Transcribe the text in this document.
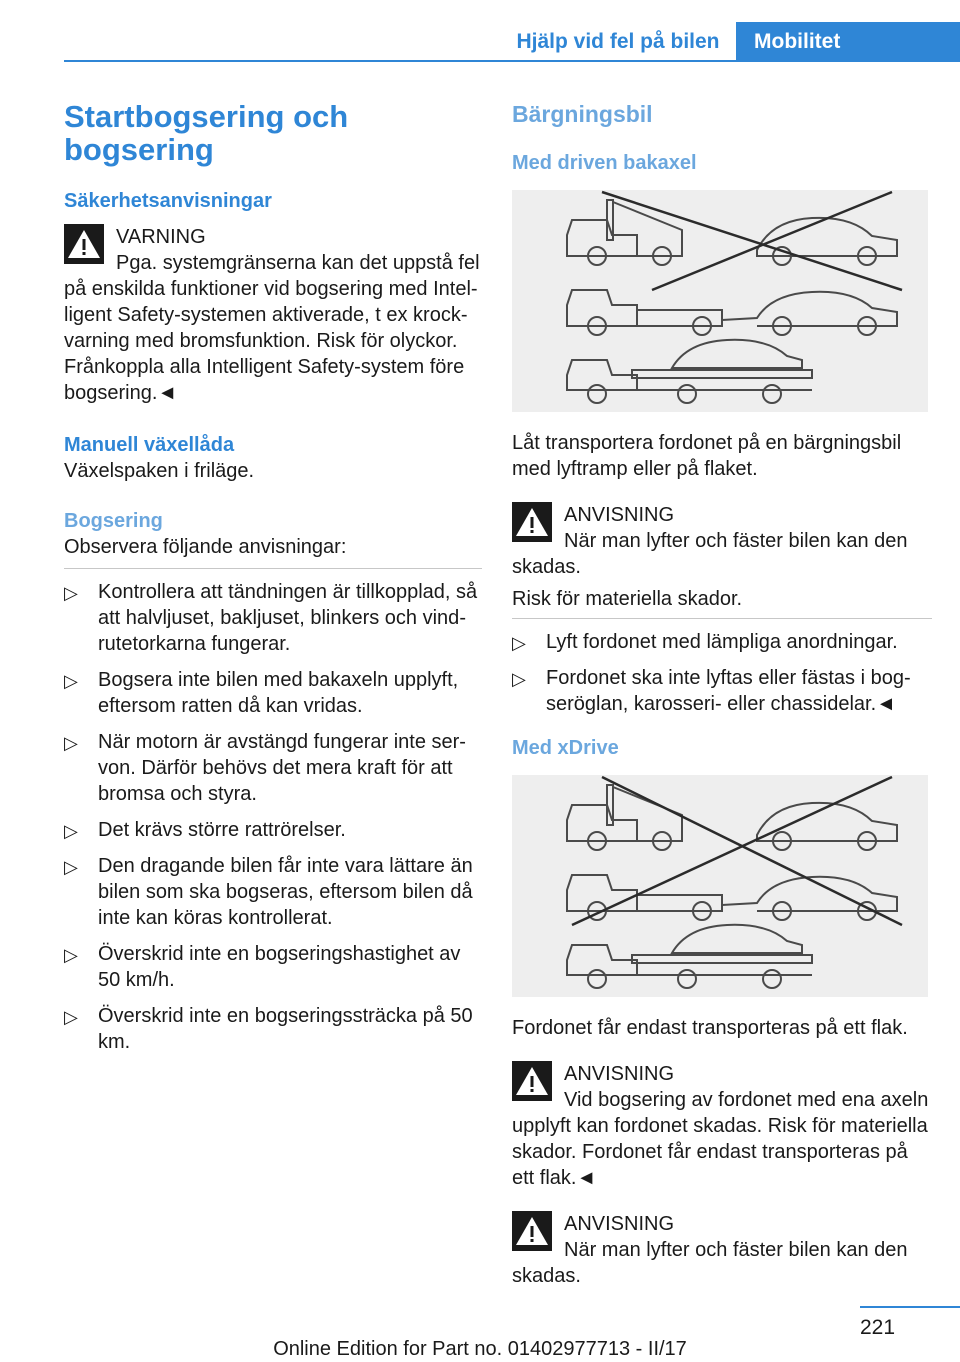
Hjälp vid fel på bilen	Mobilitet
Startbogsering och
bogsering
Säkerhetsanvisningar
VARNING

Pga. systemgränserna kan det uppstå fel på enskilda funktioner vid bogsering med Intelligent Safety-systemen aktiverade, t ex krockvarning med bromsfunktion. Risk för olyckor. Frånkoppla alla Intelligent Safety-system före bogsering.◄

Manuell växellåda

Växelspaken i friläge.

Bogsering

Observera följande anvisningar:

▷ Kontrollera att tändningen är tillkopplad, så att halvljuset, bakljuset, blinkers och vindrutetorkarna fungerar.
▷ Bogsera inte bilen med bakaxeln upplyft, eftersom ratten då kan vridas.
▷ När motorn är avstängd fungerar inte servon. Därför behövs det mera kraft för att bromsa och styra.
▷ Det krävs större rattrörelser.
▷ Den dragande bilen får inte vara lättare än bilen som ska bogseras, eftersom bilen då inte kan köras kontrollerat.
▷ Överskrid inte en bogseringshastighet av 50 km/h.
▷ Överskrid inte en bogseringssträcka på 50 km.
Bärgningsbil
Med driven bakaxel

Låt transportera fordonet på en bärgningsbil med lyftramp eller på flaket.

ANVISNING

När man lyfter och fäster bilen kan den skadas.

Risk för materiella skador.

▷ Lyft fordonet med lämpliga anordningar.
▷ Fordonet ska inte lyftas eller fästas i bogseröglan, karosseri- eller chassidelar.◄
Med xDrive

Fordonet får endast transporteras på ett flak.

ANVISNING

Vid bogsering av fordonet med ena axeln upplyft kan fordonet skadas. Risk för materiella skador. Fordonet får endast transporteras på ett flak.◄

ANVISNING

När man lyfter och fäster bilen kan den skadas.

221
Online Edition for Part no. 01402977713 - II/17
